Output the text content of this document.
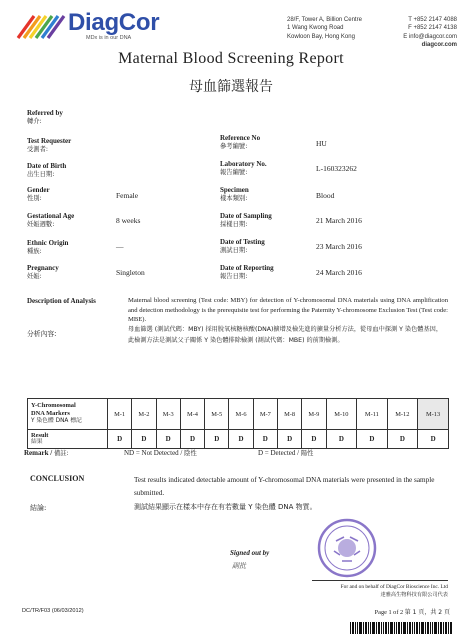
DiagCor
MDx is in our DNA
28/F, Tower A, Billion Centre
1 Wang Kwong Road
Kowloon Bay, Hong Kong
T +852 2147 4088
F +852 2147 4138
E info@diagcor.com
diagcor.com
Maternal Blood Screening Report
母血篩選報告
Referred by
轉介:
Test Requester
受測者:
Date of Birth
出生日期:
Gender
性別:	Female
Gestational Age
妊娠週數:	8 weeks
Ethnic Origin
種族:	—
Pregnancy
妊娠:	Singleton
Reference No
參考編號:	HU
Laboratory No.
報告編號:	L-160323262
Specimen
樣本類別:	Blood
Date of Sampling
採樣日期:	21 March 2016
Date of Testing
測試日期:	23 March 2016
Date of Reporting
報告日期:	24 March 2016
Description of Analysis
分析內容:
Maternal blood screening (Test code: MBY) for detection of Y-chromosomal DNA materials using DNA amplification and detection methodology is the prerequisite test for performing the Paternity Y-chromosome Exclusion Test (Test code: MBE).
母血篩選 (測試代碼：MBY) 採用脫氧核糖核酸(DNA)擴增及檢先進的擴量分析方法，從母血中探測 Y 染色體基因，此檢測方法是測試父子關係 Y 染色體排除檢測 (測試代碼：MBE) 的前期檢測。
Y-Chromosomal
DNA Markers
Y 染色體 DNA 標記	M-1	M-2	M-3	M-4	M-5	M-6	M-7	M-8	M-9	M-10	M-11	M-12	M-13
Result
結果	D	D	D	D	D	D	D	D	D	D	D	D	D
Remark / 備註:	ND = Not Detected / 陰性	D = Detected / 陽性
CONCLUSION
結論:
Test results indicated detectable amount of Y-chromosomal DNA materials were presented in the sample submitted.
測試結果顯示在樣本中存在有若數量 Y 染色體 DNA 物質。
Signed out by
副批
For and on behalf of DiagCor Bioscience Inc. Ltd
達雅高生物科技有限公司代表
DC/TR/F03 (06/03/2012)	Page 1 of 2 第 1 頁，共 2 頁
